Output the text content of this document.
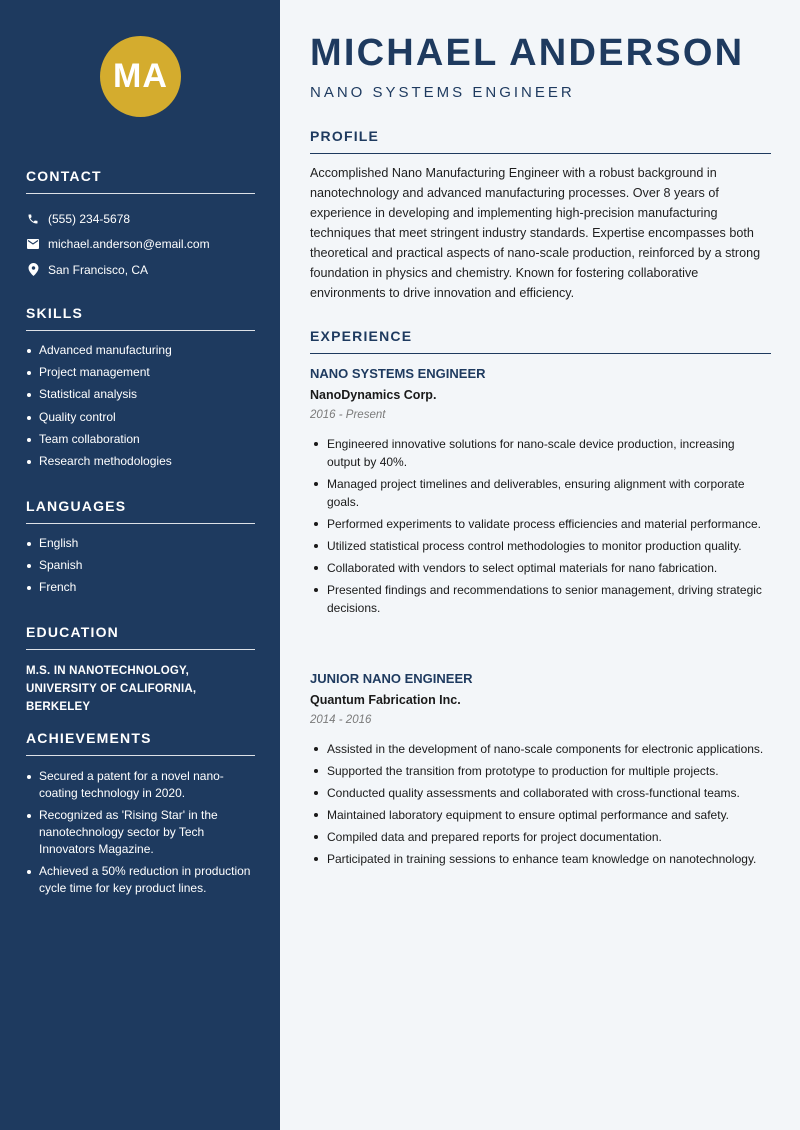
MA
CONTACT
(555) 234-5678
michael.anderson@email.com
San Francisco, CA
SKILLS
Advanced manufacturing
Project management
Statistical analysis
Quality control
Team collaboration
Research methodologies
LANGUAGES
English
Spanish
French
EDUCATION
M.S. IN NANOTECHNOLOGY,
UNIVERSITY OF CALIFORNIA, BERKELEY
ACHIEVEMENTS
Secured a patent for a novel nano-coating technology in 2020.
Recognized as 'Rising Star' in the nanotechnology sector by Tech Innovators Magazine.
Achieved a 50% reduction in production cycle time for key product lines.
MICHAEL ANDERSON
NANO SYSTEMS ENGINEER
PROFILE

Accomplished Nano Manufacturing Engineer with a robust background in nanotechnology and advanced manufacturing processes. Over 8 years of experience in developing and implementing high-precision manufacturing techniques that meet stringent industry standards. Expertise encompasses both theoretical and practical aspects of nano-scale production, reinforced by a strong foundation in physics and chemistry. Known for fostering collaborative environments to drive innovation and efficiency.

EXPERIENCE
NANO SYSTEMS ENGINEER
NanoDynamics Corp.
2016 - Present
Engineered innovative solutions for nano-scale device production, increasing output by 40%.
Managed project timelines and deliverables, ensuring alignment with corporate goals.
Performed experiments to validate process efficiencies and material performance.
Utilized statistical process control methodologies to monitor production quality.
Collaborated with vendors to select optimal materials for nano fabrication.
Presented findings and recommendations to senior management, driving strategic decisions.
JUNIOR NANO ENGINEER
Quantum Fabrication Inc.
2014 - 2016
Assisted in the development of nano-scale components for electronic applications.
Supported the transition from prototype to production for multiple projects.
Conducted quality assessments and collaborated with cross-functional teams.
Maintained laboratory equipment to ensure optimal performance and safety.
Compiled data and prepared reports for project documentation.
Participated in training sessions to enhance team knowledge on nanotechnology.
